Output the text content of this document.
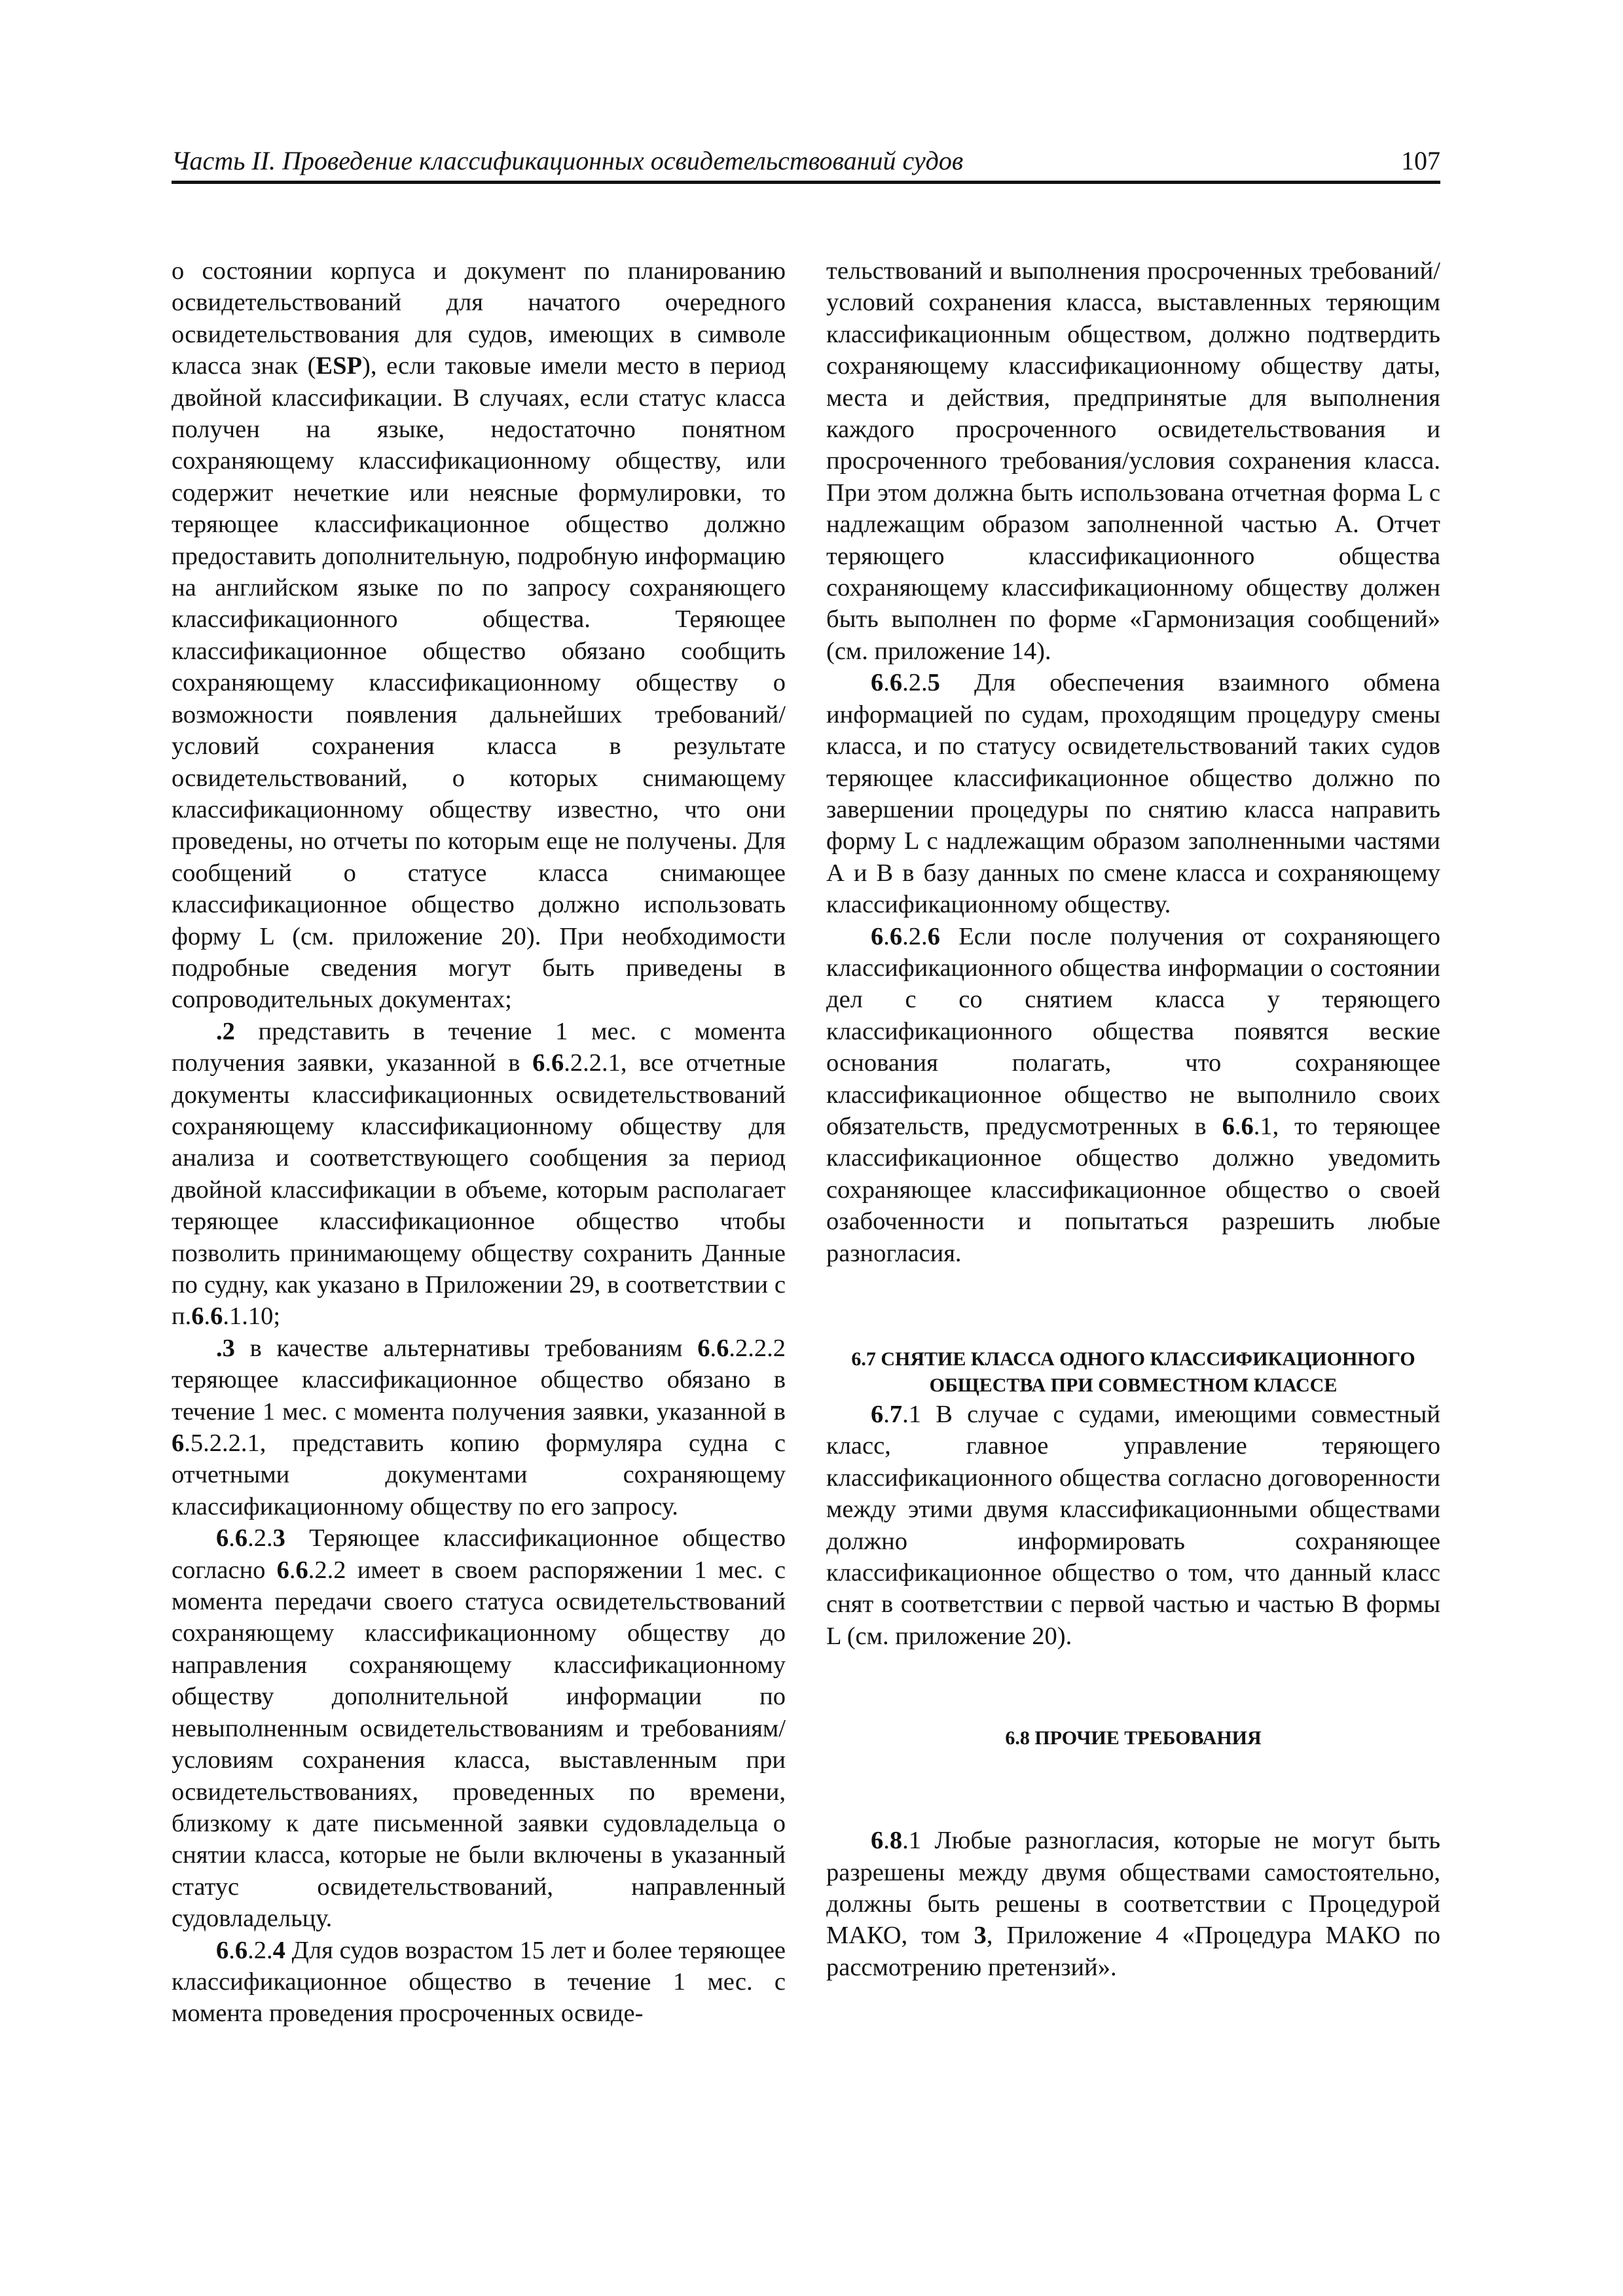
Часть II. Проведение классификационных освидетельствований судов	107

о состоянии корпуса и документ по планированию освидетельствований для начатого очередного освидетельствования для судов, имеющих в символе класса знак (ESP), если таковые имели место в период двойной классификации. В случаях, если статус класса получен на языке, недостаточно понятном сохраняющему классификационному обществу, или содержит нечеткие или неясные формулировки, то теряющее классификационное общество должно предоставить дополнительную, подробную информацию на английском языке по по запросу сохраняющего классификационного общества. Теряющее классификационное общество обязано сообщить сохраняющему классификационному обществу о возможности появления дальнейших требований/условий сохранения класса в результате освидетельствований, о которых снимающему классификационному обществу известно, что они проведены, но отчеты по которым еще не получены. Для сообщений о статусе класса снимающее классификационное общество должно использовать форму L (см. приложение 20). При необходимости подробные сведения могут быть приведены в сопроводительных документах;

.2 представить в течение 1 мес. с момента получения заявки, указанной в 6.6.2.2.1, все отчетные документы классификационных освидетельствований сохраняющему классификационному обществу для анализа и соответствующего сообщения за период двойной классификации в объеме, которым располагает теряющее классификационное общество чтобы позволить принимающему обществу сохранить Данные по судну, как указано в Приложении 29, в соответствии с п.6.6.1.10;

.3 в качестве альтернативы требованиям 6.6.2.2.2 теряющее классификационное общество обязано в течение 1 мес. с момента получения заявки, указанной в 6.5.2.2.1, представить копию формуляра судна с отчетными документами сохраняющему классификационному обществу по его запросу.

6.6.2.3 Теряющее классификационное общество согласно 6.6.2.2 имеет в своем распоряжении 1 мес. с момента передачи своего статуса освидетельствований сохраняющему классификационному обществу до направления сохраняющему классификационному обществу дополнительной информации по невыполненным освидетельствованиям и требованиям/условиям сохранения класса, выставленным при освидетельствованиях, проведенных по времени, близкому к дате письменной заявки судовладельца о снятии класса, которые не были включены в указанный статус освидетельствований, направленный судовладельцу.

6.6.2.4 Для судов возрастом 15 лет и более теряющее классификационное общество в течение 1 мес. с момента проведения просроченных освиде-

тельствований и выполнения просроченных требований/условий сохранения класса, выставленных теряющим классификационным обществом, должно подтвердить сохраняющему классификационному обществу даты, места и действия, предпринятые для выполнения каждого просроченного освидетельствования и просроченного требования/условия сохранения класса. При этом должна быть использована отчетная форма L с надлежащим образом заполненной частью А. Отчет теряющего классификационного общества сохраняющему классификационному обществу должен быть выполнен по форме «Гармонизация сообщений» (см. приложение 14).

6.6.2.5 Для обеспечения взаимного обмена информацией по судам, проходящим процедуру смены класса, и по статусу освидетельствований таких судов теряющее классификационное общество должно по завершении процедуры по снятию класса направить форму L с надлежащим образом заполненными частями А и В в базу данных по смене класса и сохраняющему классификационному обществу.

6.6.2.6 Если после получения от сохраняющего классификационного общества информации о состоянии дел с со снятием класса у теряющего классификационного общества появятся веские основания полагать, что сохраняющее классификационное общество не выполнило своих обязательств, предусмотренных в 6.6.1, то теряющее классификационное общество должно уведомить сохраняющее классификационное общество о своей озабоченности и попытаться разрешить любые разногласия.

6.7 СНЯТИЕ КЛАССА ОДНОГО КЛАССИФИКАЦИОННОГО
ОБЩЕСТВА ПРИ СОВМЕСТНОМ КЛАССЕ

6.7.1 В случае с судами, имеющими совместный класс, главное управление теряющего классификационного общества согласно договоренности между этими двумя классификационными обществами должно информировать сохраняющее классификационное общество о том, что данный класс снят в соответствии с первой частью и частью В формы L (см. приложение 20).

6.8 ПРОЧИЕ ТРЕБОВАНИЯ

6.8.1 Любые разногласия, которые не могут быть разрешены между двумя обществами самостоятельно, должны быть решены в соответствии с Процедурой МАКО, том 3, Приложение 4 «Процедура МАКО по рассмотрению претензий».
